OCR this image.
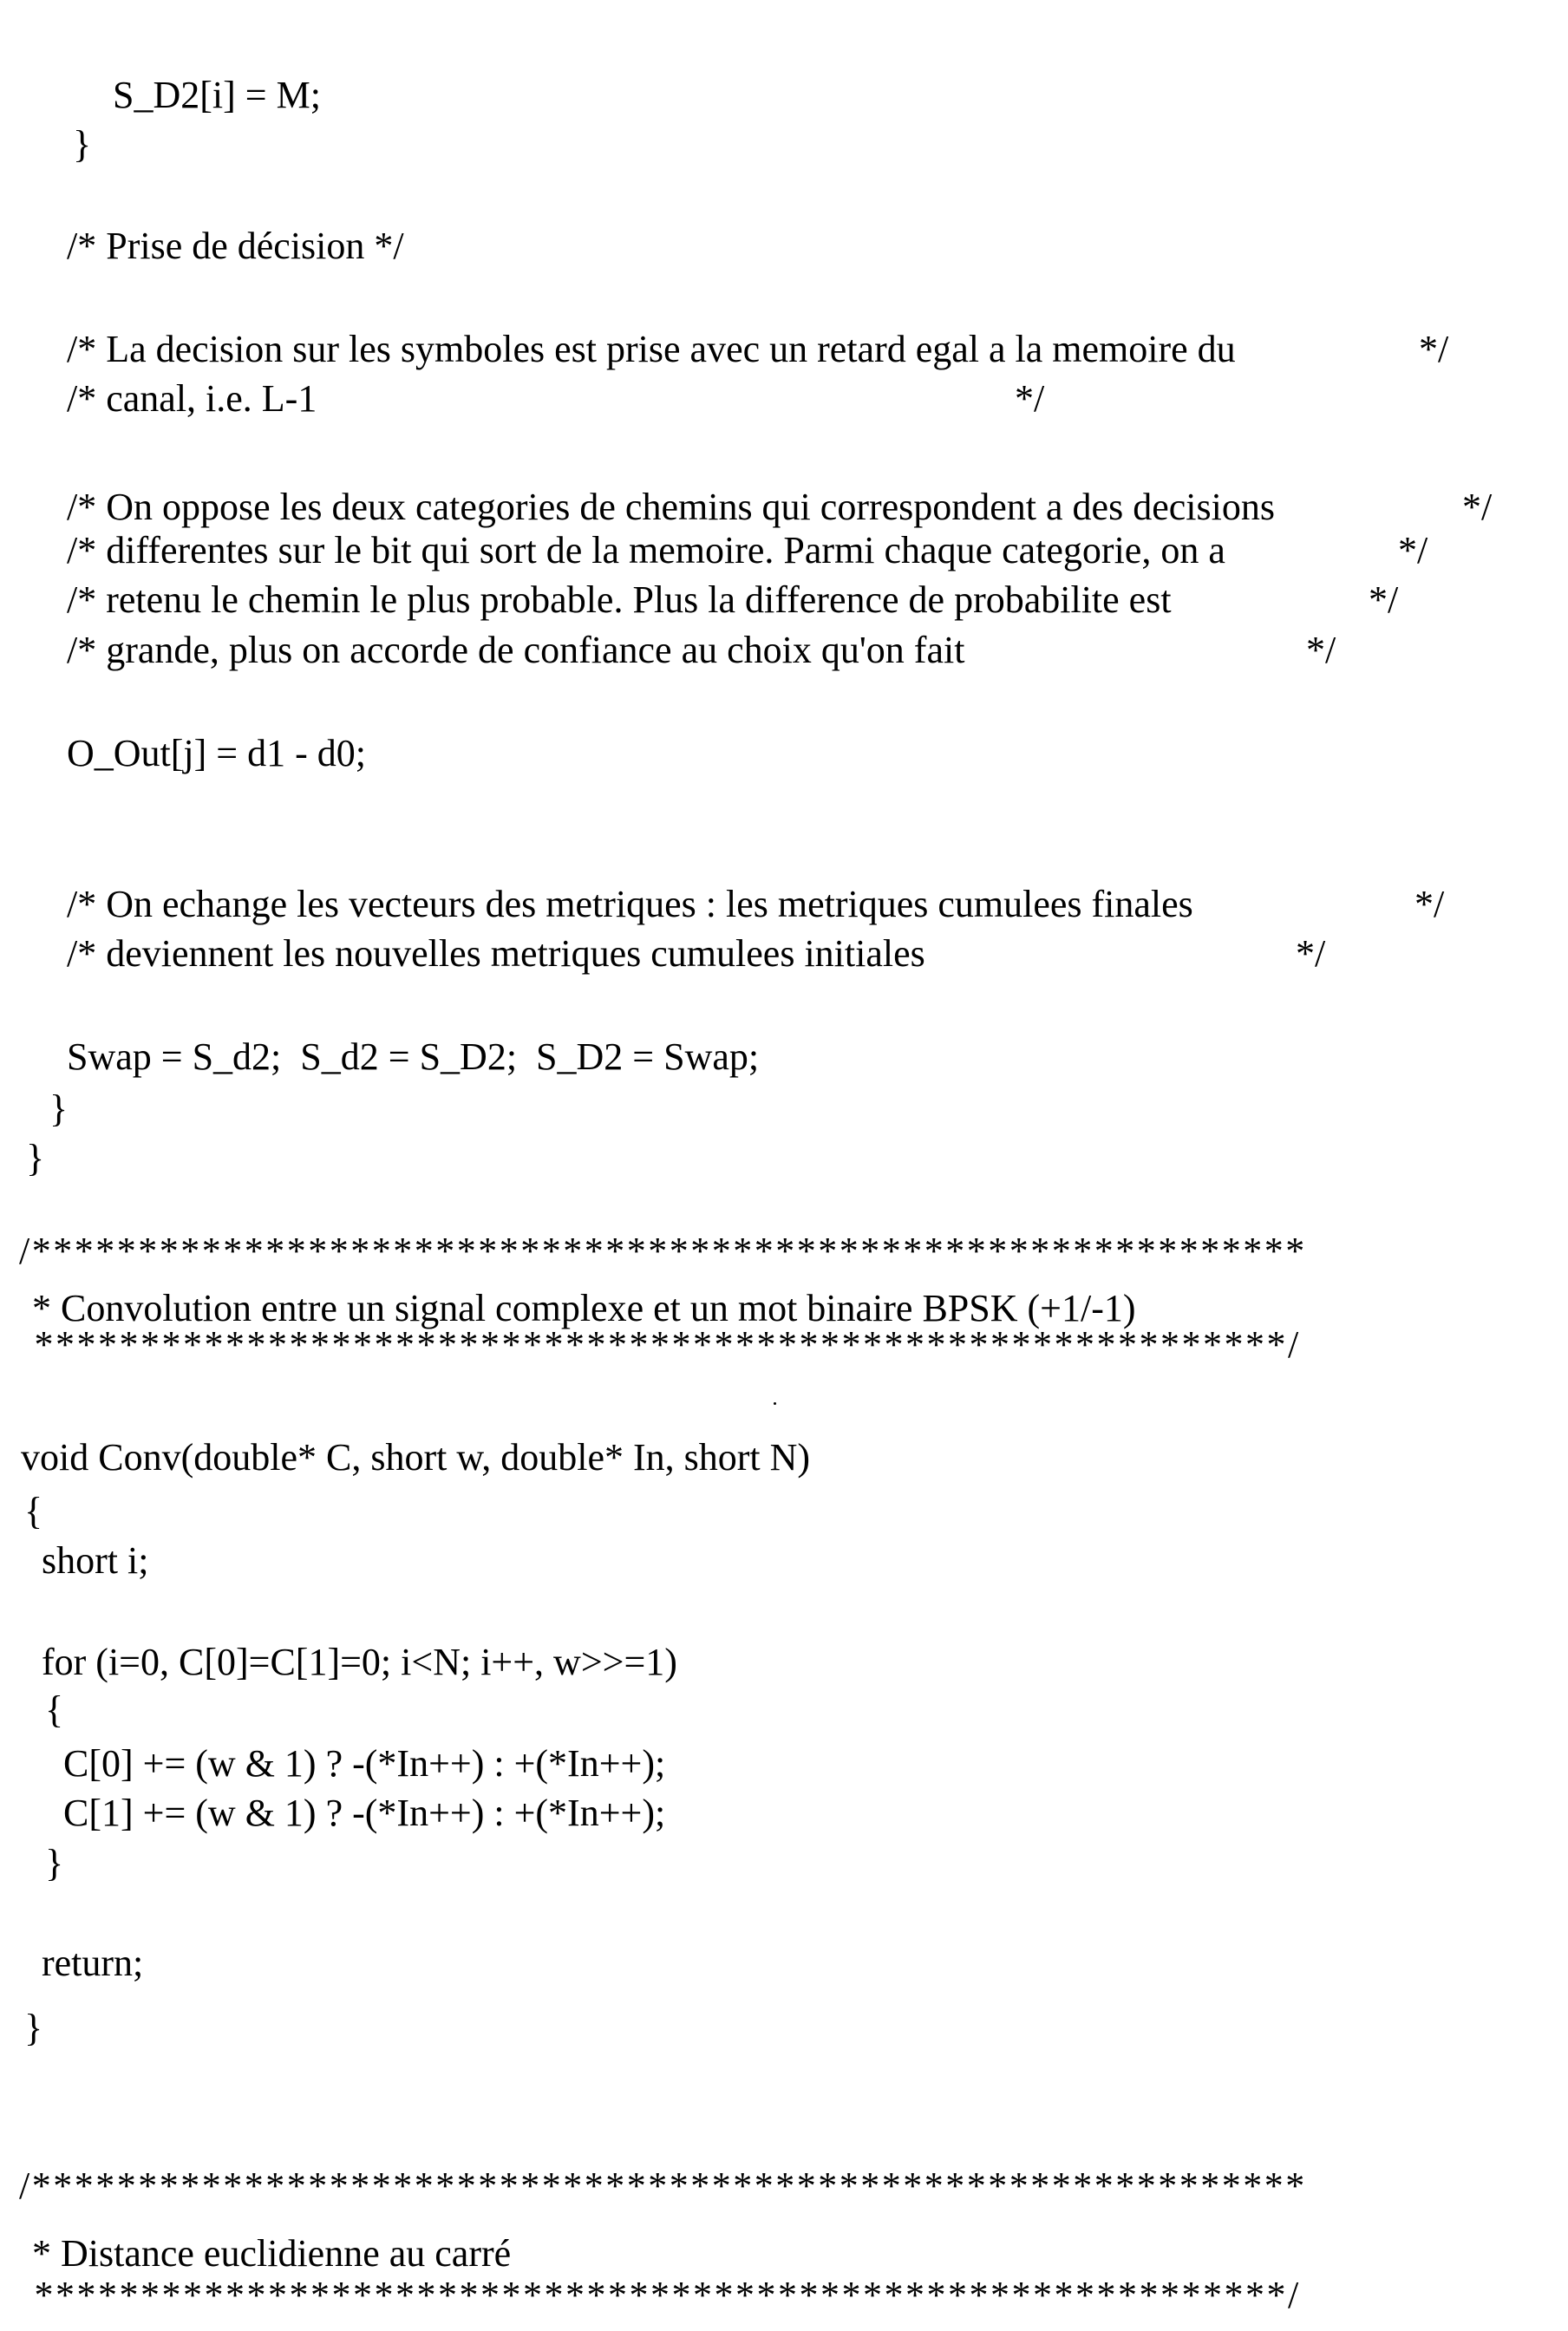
S_D2[i] = M;
}
/* Prise de décision */
/* La decision sur les symboles est prise avec un retard egal a la memoire du	*/
/* canal, i.e. L-1	*/
/* On oppose les deux categories de chemins qui correspondent a des decisions	*/
/* differentes sur le bit qui sort de la memoire. Parmi chaque categorie, on a	*/
/* retenu le chemin le plus probable. Plus la difference de probabilite est	*/
/* grande, plus on accorde de confiance au choix qu'on fait	*/
O_Out[j] = d1 - d0;
/* On echange les vecteurs des metriques : les metriques cumulees finales	*/
/* deviennent les nouvelles metriques cumulees initiales	*/
Swap = S_d2;  S_d2 = S_D2;  S_D2 = Swap;
}
}
/************************************************************
* Convolution entre un signal complexe et un mot binaire BPSK (+1/-1)
***********************************************************/
void Conv(double* C, short w, double* In, short N)
{
short i;
for (i=0, C[0]=C[1]=0; i<N; i++, w>>=1)
{
C[0] += (w & 1) ? -(*In++) : +(*In++);
C[1] += (w & 1) ? -(*In++) : +(*In++);
}
return;
}
/************************************************************
* Distance euclidienne au carré
***********************************************************/
